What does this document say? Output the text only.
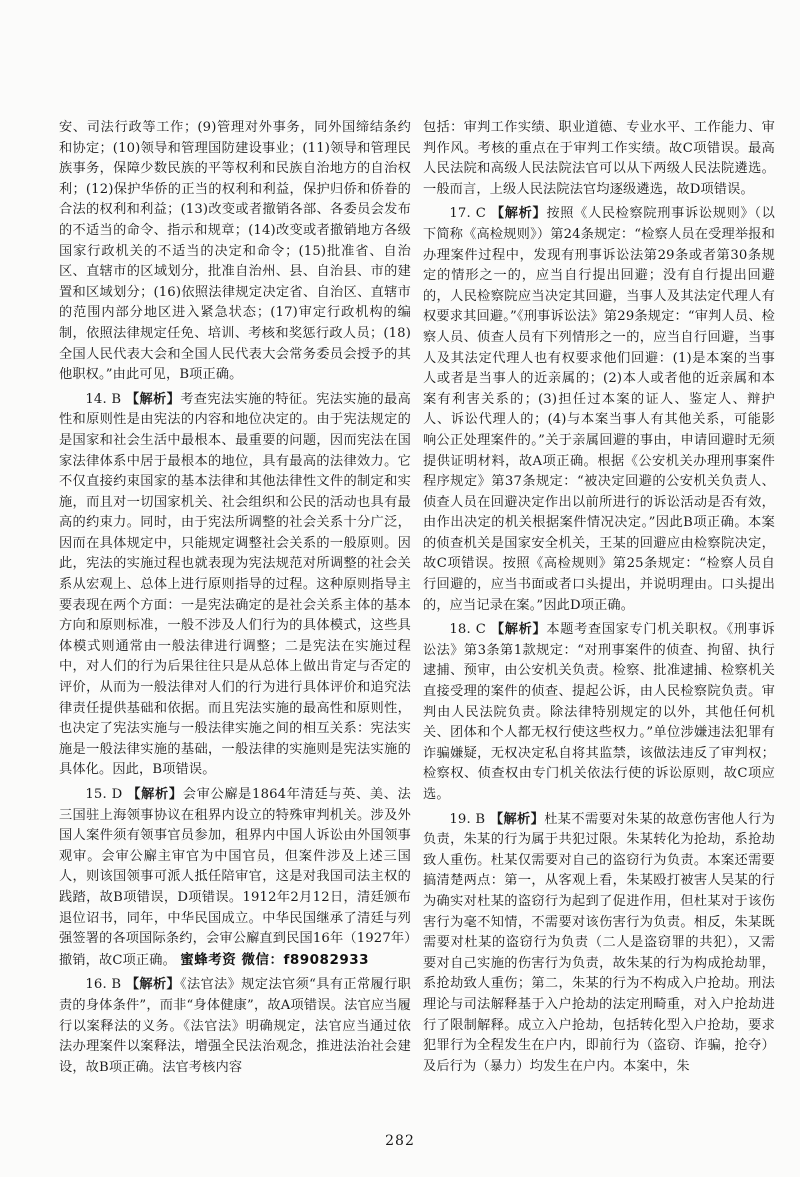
安、司法行政等工作；(9)管理对外事务，同外国缔结条约和协定；(10)领导和管理国防建设事业；(11)领导和管理民族事务，保障少数民族的平等权利和民族自治地方的自治权利；(12)保护华侨的正当的权利和利益，保护归侨和侨眷的合法的权利和利益；(13)改变或者撤销各部、各委员会发布的不适当的命令、指示和规章；(14)改变或者撤销地方各级国家行政机关的不适当的决定和命令；(15)批准省、自治区、直辖市的区域划分，批准自治州、县、自治县、市的建置和区域划分；(16)依照法律规定决定省、自治区、直辖市的范围内部分地区进入紧急状态；(17)审定行政机构的编制，依照法律规定任免、培训、考核和奖惩行政人员；(18)全国人民代表大会和全国人民代表大会常务委员会授予的其他职权。”由此可见，B项正确。

14. B 【解析】考查宪法实施的特征。宪法实施的最高性和原则性是由宪法的内容和地位决定的。由于宪法规定的是国家和社会生活中最根本、最重要的问题，因而宪法在国家法律体系中居于最根本的地位，具有最高的法律效力。它不仅直接约束国家的基本法律和其他法律性文件的制定和实施，而且对一切国家机关、社会组织和公民的活动也具有最高的约束力。同时，由于宪法所调整的社会关系十分广泛，因而在具体规定中，只能规定调整社会关系的一般原则。因此，宪法的实施过程也就表现为宪法规范对所调整的社会关系从宏观上、总体上进行原则指导的过程。这种原则指导主要表现在两个方面：一是宪法确定的是社会关系主体的基本方向和原则标准，一般不涉及人们行为的具体模式，这些具体模式则通常由一般法律进行调整；二是宪法在实施过程中，对人们的行为后果往往只是从总体上做出肯定与否定的评价，从而为一般法律对人们的行为进行具体评价和追究法律责任提供基础和依据。而且宪法实施的最高性和原则性，也决定了宪法实施与一般法律实施之间的相互关系：宪法实施是一般法律实施的基础，一般法律的实施则是宪法实施的具体化。因此，B项错误。

15. D 【解析】会审公廨是1864年清廷与英、美、法三国驻上海领事协议在租界内设立的特殊审判机关。涉及外国人案件须有领事官员参加，租界内中国人诉讼由外国领事观审。会审公廨主审官为中国官员，但案件涉及上述三国人，则该国领事可派人抵任陪审官，这是对我国司法主权的践踏，故B项错误，D项错误。1912年2月12日，清廷颁布退位诏书，同年，中华民国成立。中华民国继承了清廷与列强签署的各项国际条约，会审公廨直到民国16年（1927年）撤销，故C项正确。 蜜蜂考资 微信：f89082933

16. B 【解析】《法官法》规定法官须“具有正常履行职责的身体条件”，而非“身体健康”，故A项错误。法官应当履行以案释法的义务。《法官法》明确规定，法官应当通过依法办理案件以案释法，增强全民法治观念，推进法治社会建设，故B项正确。法官考核内容

包括：审判工作实绩、职业道德、专业水平、工作能力、审判作风。考核的重点在于审判工作实绩。故C项错误。最高人民法院和高级人民法院法官可以从下两级人民法院遴选。一般而言，上级人民法院法官均逐级遴选，故D项错误。

17. C 【解析】按照《人民检察院刑事诉讼规则》（以下简称《高检规则》）第24条规定：“检察人员在受理举报和办理案件过程中，发现有刑事诉讼法第29条或者第30条规定的情形之一的，应当自行提出回避；没有自行提出回避的，人民检察院应当决定其回避，当事人及其法定代理人有权要求其回避。”《刑事诉讼法》第29条规定：“审判人员、检察人员、侦查人员有下列情形之一的，应当自行回避，当事人及其法定代理人也有权要求他们回避：(1)是本案的当事人或者是当事人的近亲属的；(2)本人或者他的近亲属和本案有利害关系的；(3)担任过本案的证人、鉴定人、辩护人、诉讼代理人的；(4)与本案当事人有其他关系，可能影响公正处理案件的。”关于亲属回避的事由，申请回避时无须提供证明材料，故A项正确。根据《公安机关办理刑事案件程序规定》第37条规定：“被决定回避的公安机关负责人、侦查人员在回避决定作出以前所进行的诉讼活动是否有效，由作出决定的机关根据案件情况决定。”因此B项正确。本案的侦查机关是国家安全机关，王某的回避应由检察院决定，故C项错误。按照《高检规则》第25条规定：“检察人员自行回避的，应当书面或者口头提出，并说明理由。口头提出的，应当记录在案。”因此D项正确。

18. C 【解析】本题考查国家专门机关职权。《刑事诉讼法》第3条第1款规定：“对刑事案件的侦查、拘留、执行逮捕、预审，由公安机关负责。检察、批准逮捕、检察机关直接受理的案件的侦查、提起公诉，由人民检察院负责。审判由人民法院负责。除法律特别规定的以外，其他任何机关、团体和个人都无权行使这些权力。”单位涉嫌违法犯罪有诈骗嫌疑，无权决定私自将其监禁，该做法违反了审判权；检察权、侦查权由专门机关依法行使的诉讼原则，故C项应选。

19. B 【解析】杜某不需要对朱某的故意伤害他人行为负责，朱某的行为属于共犯过限。朱某转化为抢劫，系抢劫致人重伤。杜某仅需要对自己的盗窃行为负责。本案还需要搞清楚两点：第一，从客观上看，朱某殴打被害人吴某的行为确实对杜某的盗窃行为起到了促进作用，但杜某对于该伤害行为毫不知情，不需要对该伤害行为负责。相反，朱某既需要对杜某的盗窃行为负责（二人是盗窃罪的共犯），又需要对自己实施的伤害行为负责，故朱某的行为构成抢劫罪，系抢劫致人重伤；第二，朱某的行为不构成入户抢劫。刑法理论与司法解释基于入户抢劫的法定刑畸重，对入户抢劫进行了限制解释。成立入户抢劫，包括转化型入户抢劫，要求犯罪行为全程发生在户内，即前行为（盗窃、诈骗，抢夺）及后行为（暴力）均发生在户内。本案中，朱

282
